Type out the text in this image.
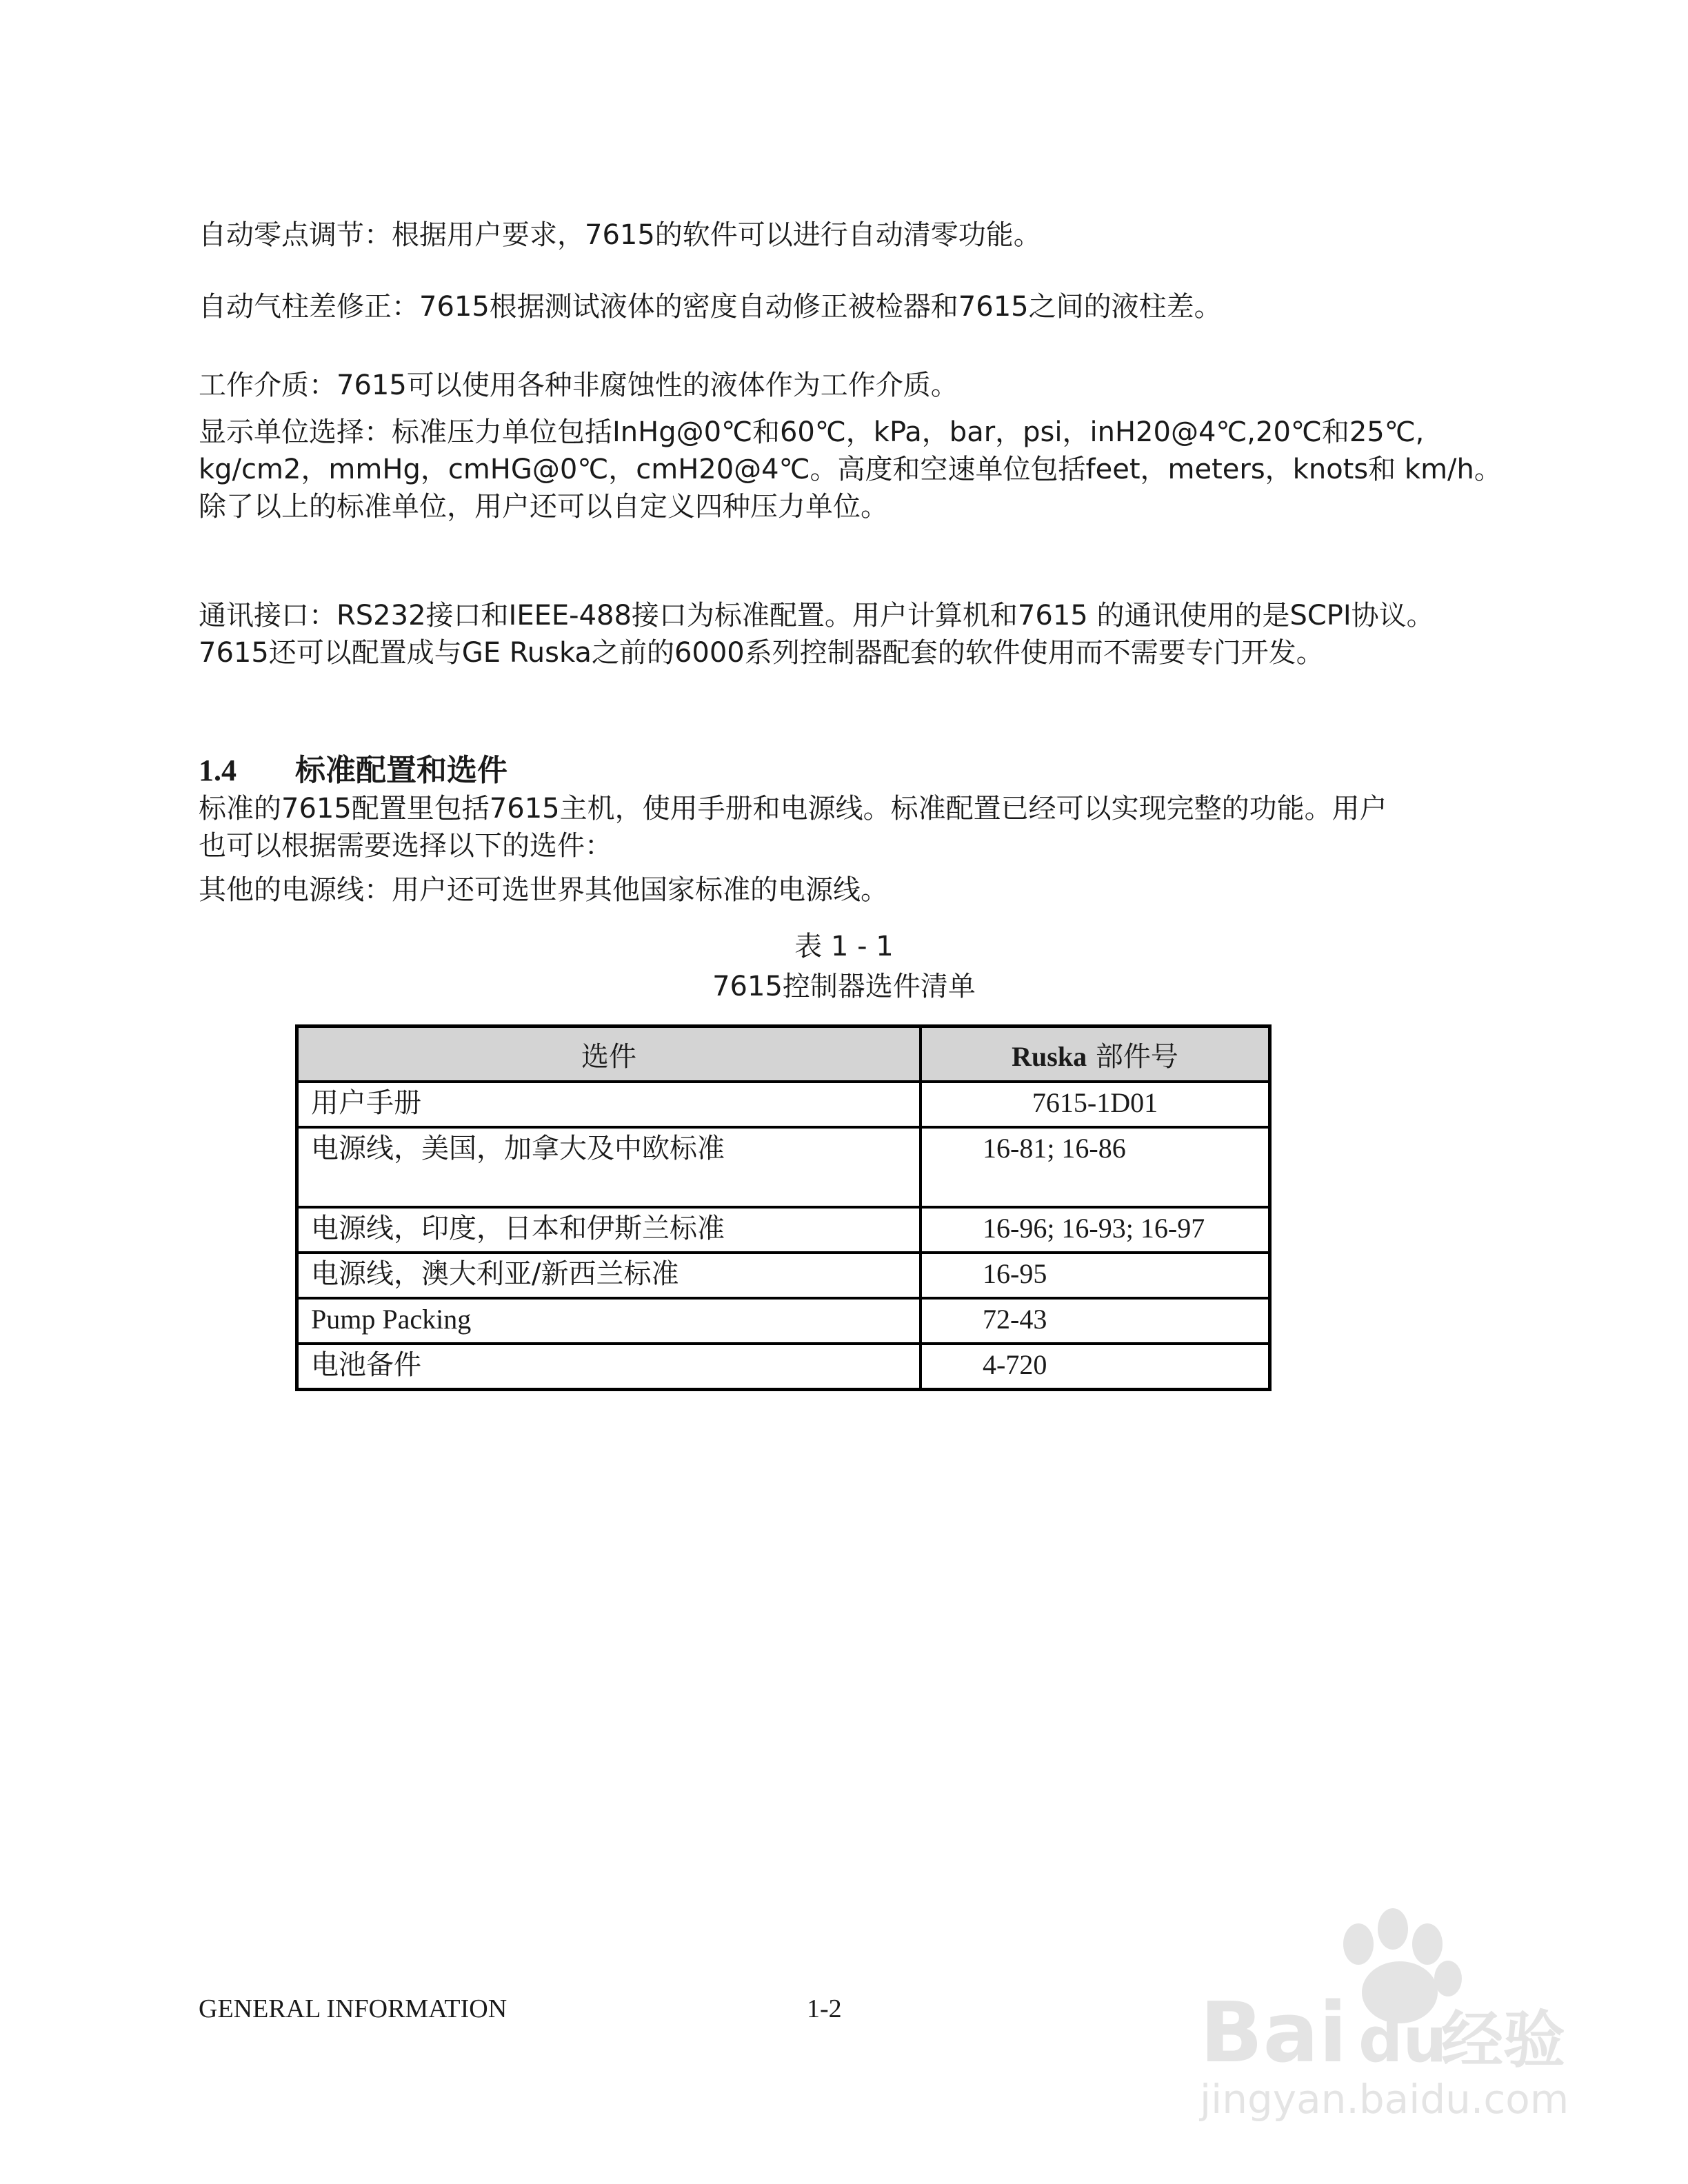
自动零点调节：根据用户要求，7615的软件可以进行自动清零功能。

自动气柱差修正：7615根据测试液体的密度自动修正被检器和7615之间的液柱差。

工作介质：7615可以使用各种非腐蚀性的液体作为工作介质。

显示单位选择：标准压力单位包括InHg@0℃和60℃，kPa，bar，psi，inH20@4℃,20℃和25℃,
kg/cm2，mmHg，cmHG@0℃，cmH20@4℃。高度和空速单位包括feet，meters，knots和 km/h。
除了以上的标准单位，用户还可以自定义四种压力单位。

通讯接口：RS232接口和IEEE-488接口为标准配置。用户计算机和7615 的通讯使用的是SCPI协议。
7615还可以配置成与GE Ruska之前的6000系列控制器配套的软件使用而不需要专门开发。

1.4 标准配置和选件

标准的7615配置里包括7615主机，使用手册和电源线。标准配置已经可以实现完整的功能。用户
也可以根据需要选择以下的选件：

其他的电源线：用户还可选世界其他国家标准的电源线。

表 1 - 1

7615控制器选件清单

选件	Ruska 部件号
用户手册	7615-1D01
电源线，美国，加拿大及中欧标准	16-81; 16-86
电源线，印度，日本和伊斯兰标准	16-96; 16-93; 16-97
电源线，澳大利亚/新西兰标准	16-95
Pump Packing	72-43
电池备件	4-720

GENERAL INFORMATION	1-2	Bai du
经验
jingyan.baidu.com
